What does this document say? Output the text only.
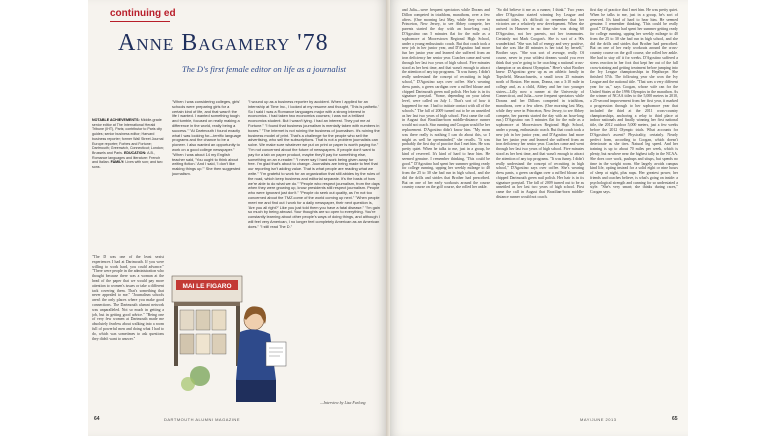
continuing ed
Anne Bagamery '78
The D's first female editor on life as a journalist
NOTABLE ACHIEVEMENTS: Middle-grade senior editor at The International Herald Tribune (IHT), Paris; contributor to Paris city guides; senior business editor; Harvard business reporter; former Wall Street Journal Europe reporter; Forbes and Fortune; Dartmouth; Greenwich, Connecticut; London; Brussels and Paris. EDUCATION: A.B., Romance languages and literature: French and Italian. FAMILY: Lives with son; and two sons.
"When I was considering colleges, girls' schools were preparing girls for a certain kind of life, and that wasn't the life I wanted. I wanted something tough and tumble, focused on really making a difference in the world, really being a success." "At Dartmouth I found exactly what I was looking for—terrific language programs and the chance to be a pioneer. I also wanted an opportunity to work on a good college newspaper." "When I was about 14 my English teacher said, 'You ought to think about writing fiction.' And I said, 'I don't like making things up.'" She then suggested journalism.
"I wound up as a business reporter by accident. When I applied for an internship at Time Inc., I looked at my resume and thought, 'This is pathetic.' So I said I was a Romance languages major with a strong interest in economics. I had taken two economics courses; I was not a brilliant economics student. But I wasn't lying. I had an interest. They put me at Fortune." "I found that business journalism is mentally taken with numbers in boxes." "The Internet is not ruining the business of journalism. It's ruining the business model of print. That's a challenge for the people who sell the advertising, who sell the subscriptions. That is not a problem journalists can solve. We make sure whatever we put on print or paper is worth paying for." "I'm not concerned about the future of newspapers. If people don't want to pay for a tab on paper product, maybe they'll pay for something else, something on an e-reader." "I never say I hard work being given away for free. I'm glad that's about to change. Journalists are being made to feel that our reporting isn't adding value. That is what people are reading what we write." "I'm grateful to work for an organization that still abides by the rules of the road, which keep business and editorial separate. It's the basis of how we're able to do what we do." "People who respect journalism, from the days when they were growing up, know presidents still respect journalism. People who were ignorant just don't." "People do seek out quality, as I'm not too concerned about the TMZ.come of the world coming up next." "When people meet me and find out I work for a daily newspaper, their next question is, 'Are you all right?' Like you just told them you have a fatal disease." "I'm gain so much by being abroad. Your thoughts are so open to everything. You're constantly learning about other people's ways of doing things, and although I will feel very American, I no longer feel completely American as an American does." "I still read The D."
"The D was one of the least sexist experiences I had at Dartmouth. If you were willing to work hard, you could advance." "There were people in the administration who thought because there was a woman at the head of the paper that we would pay more attention to women's issues or take a different tack covering them. That's something that never appealed to me." "Journalism schools aren't the only places where you make good connections. The Dartmouth alumni network was unparalleled. Not so much in getting a job, but in getting good advice." "Being one of very few women at Dartmouth made me absolutely fearless about walking into a room full of powerful men and doing what I had to do, which was sometimes to ask questions they didn't want to answer."
MAI LE FIGARO
—Interview by Lisa Furlong
64	DARTMOUTH ALUMNI MAGAZINE
and Julia—were frequent spectators while Dorans and Dillon competed in triathlons, marathons, over a few afters. (One morning last May, while they were in Princeton, New Jersey, to see Abbey compete, her parents started the day with an hour-long run.) D'Agostino ran 5 minutes flat for the mile as a sophomore at Moorestown Regional High School, under a young enthusiastic coach. But that coach took a new job in her junior year, and D'Agostino had more fun her junior year and learned she suffered from an iron deficiency her senior year. Coaches came and went through her last two years of high school. Five minutes stood as her best time, and that wasn't enough to attract the attention of any top programs. "It was funny. I didn't really understand the concept of recruiting in high school," D'Agostino says over coffee. She's wearing dress pants, a green cardigan over a ruffled blouse and chipped Dartmouth green nail polish. Her hair is in its signature ponytail. "Some, depending on your talent level, were called on July 1. That's sort of how it happened for me. I had to initiate contact with all of the schools." The fall of 2009 turned out to be an unsettled as her last two years of high school. First came the call in August that Brazilian-born middle-distance runner would not coach. Star running and Coogan would be her replacement. D'Agostino didn't know him. "My mom was there really is nothing I can do about this, so I might as well be openminded," she recalls. "It was probably the first day of practice that I met him. He was pretty quiet. When he talks to me, just in a group, he kind of reserved. It's kind of hard to hear him. He seemed genuine. I remember thinking, 'This could be good.'" D'Agostino had spent her summer getting ready for college running, upping her weekly mileage to 40 from the 25 to 30 she had run in high school, and she did the drills and strides that Brother had prescribed. But on one of her early workouts around the course country course on the golf course, she rolled her ankle.
"So did believe it me as a runner, I think." Two years after D'Agostino started winning Ivy League and national titles, it's difficult to remember that her victories are a relatively new development. When she arrived in Hanover in no time she was doing 60 D'Agostino, not her parents, not her teammates. Certainly not Mark Coogan's. She is sort of a 90s wunderkind. "She was full of energy and very positive, but she was like 40 minutes is her total by herself," Brother says. "She was sort of average, really. Of course, never in your wildest dreams would you ever think that you're going to be coaching a national cross-champion or an almost Olympian." Here's what Brother knew: D'Agostino grew up as an athletic family in Topsfield, Massachusetts, a small town 25 minutes north of Boston. Her mom, Donna, ran a 3:10 mile in college and, as a child, Abbey and her two younger sisters—Lilly now a runner at the University of Connecticut, and Julia—were frequent spectators while Dorans and her Dillons competed in triathlons, marathons, over a few afters. (One morning last May, while they were in Princeton, New Jersey, to see Abbey compete, her parents started the day with an hour-long run.) D'Agostino ran 5 minutes flat for the mile as a sophomore at Moorestown Regional High School, under a young, enthusiastic coach. But that coach took a new job in her junior year, and D'Agostino had more fun her junior year and learned she suffered from an iron deficiency her senior year. Coaches came and went through her last two years of high school. Five minutes stood as her best time, and that wasn't enough to attract the attention of any top programs. "It was funny. I didn't really understand the concept of recruiting in high school," D'Agostino says over coffee. She's wearing dress pants, a green cardigan over a ruffled blouse and chipped Dartmouth green nail polish. Her hair is in its signature ponytail. The fall of 2009 turned out to be as unsettled as her last two years of high school. First came the call in August that Brazilian-born middle-distance runner would not coach.
first day of practice that I met him. He was pretty quiet. When he talks to me, just in a group, he's sort of reserved. It's kind of hard to hear him. He seemed genuine. I remember thinking, 'This could be really good.'" D'Agostino had spent her summer getting ready for college running, upping her weekly mileage to 40 from the 25 to 30 she had run in high school, and she did the drills and strides that Brother had prescribed. But on one of her early workouts around the cross-country course on the golf course, she rolled her ankle. She had to stay off it for weeks. D'Agostino suffered a stress reaction in her foot that kept her out of the full cross-training and getting treatment before jumping into the Ivy League championships in Hepthorpe. She finished 57th. The following year she won the Ivy League and the national title. "That was a very different year for us," says Coogan, whose wife ran for the United States at the 1996 Olympics in the marathon. As the winner of NCAA titles to the 5,000 meters in 2010, a 25-second improvement from her first year, it marked a progression through to her sophomore year that included the third at the 2011 cross-country championships, anchoring a relay to third place at indoor nationals and finally winning her first national title, the 2012 outdoor 5,000 meters, just a few weeks before the 2012 Olympic trials. What accounts for D'Agostino's ascent? Physicality, certainly. Nearly perfect form, according to Coogan, which doesn't deteriorate as she tires. Natural leg speed. And her training is up to about 70 miles per week, which is plenty, but nowhere near the highest tally in the NCAA. She does core work, pushups and situps, but spends no time in the weight room. She largely avoids campus kind life, opting instead for a solid eight or nine hours of sleep at night, plus naps. Her greatest power, her friends and coaches believe, is what's going on inside: a psychological strength and cunning for so understated a style. "She's very smart; she thinks during races," Coogan says.
MAY/JUNE 2013	65
